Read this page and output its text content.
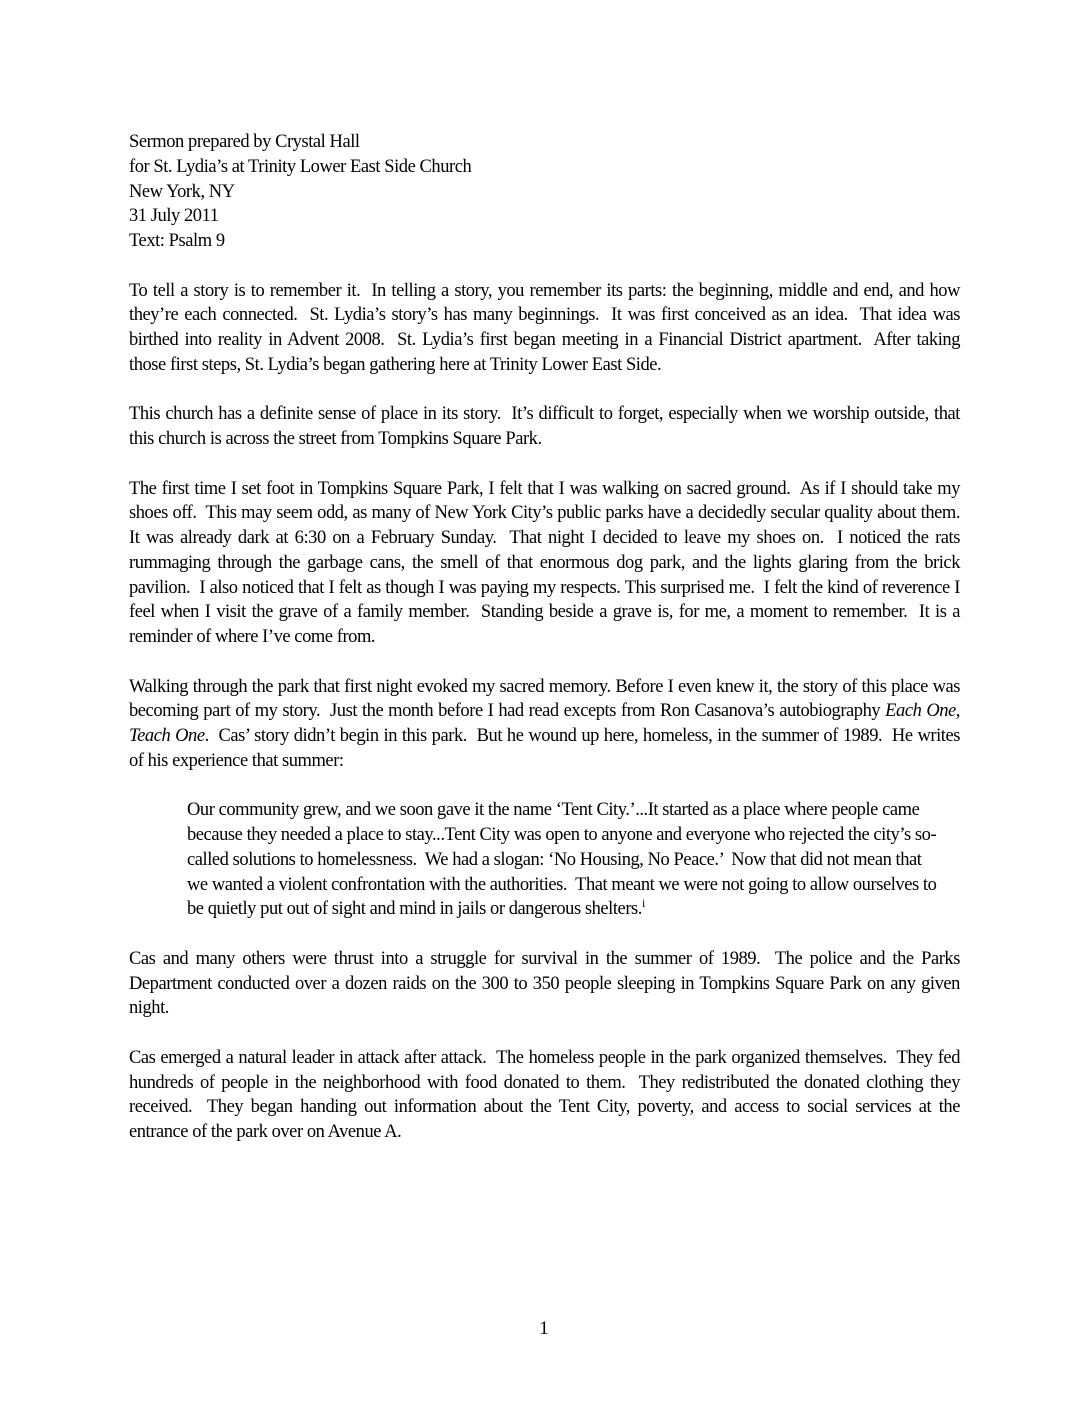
Sermon prepared by Crystal Hall
for St. Lydia’s at Trinity Lower East Side Church
New York, NY
31 July 2011
Text: Psalm 9

To tell a story is to remember it.  In telling a story, you remember its parts: the beginning, middle and end, and how they’re each connected.  St. Lydia’s story’s has many beginnings.  It was first conceived as an idea.  That idea was birthed into reality in Advent 2008.  St. Lydia’s first began meeting in a Financial District apartment.  After taking those first steps, St. Lydia’s began gathering here at Trinity Lower East Side.

This church has a definite sense of place in its story.  It’s difficult to forget, especially when we worship outside, that this church is across the street from Tompkins Square Park.

The first time I set foot in Tompkins Square Park, I felt that I was walking on sacred ground.  As if I should take my shoes off.  This may seem odd, as many of New York City’s public parks have a decidedly secular quality about them.  It was already dark at 6:30 on a February Sunday.  That night I decided to leave my shoes on.  I noticed the rats rummaging through the garbage cans, the smell of that enormous dog park, and the lights glaring from the brick pavilion.  I also noticed that I felt as though I was paying my respects. This surprised me.  I felt the kind of reverence I feel when I visit the grave of a family member.  Standing beside a grave is, for me, a moment to remember.  It is a reminder of where I’ve come from.

Walking through the park that first night evoked my sacred memory. Before I even knew it, the story of this place was becoming part of my story.  Just the month before I had read excepts from Ron Casanova’s autobiography Each One, Teach One.  Cas’ story didn’t begin in this park.  But he wound up here, homeless, in the summer of 1989.  He writes of his experience that summer:

Our community grew, and we soon gave it the name ‘Tent City.’...It started as a place where people came because they needed a place to stay...Tent City was open to anyone and everyone who rejected the city’s so-called solutions to homelessness.  We had a slogan: ‘No Housing, No Peace.’  Now that did not mean that we wanted a violent confrontation with the authorities.  That meant we were not going to allow ourselves to be quietly put out of sight and mind in jails or dangerous shelters.$^i$

Cas and many others were thrust into a struggle for survival in the summer of 1989.  The police and the Parks Department conducted over a dozen raids on the 300 to 350 people sleeping in Tompkins Square Park on any given night.

Cas emerged a natural leader in attack after attack.  The homeless people in the park organized themselves.  They fed hundreds of people in the neighborhood with food donated to them.  They redistributed the donated clothing they received.  They began handing out information about the Tent City, poverty, and access to social services at the entrance of the park over on Avenue A.

1
